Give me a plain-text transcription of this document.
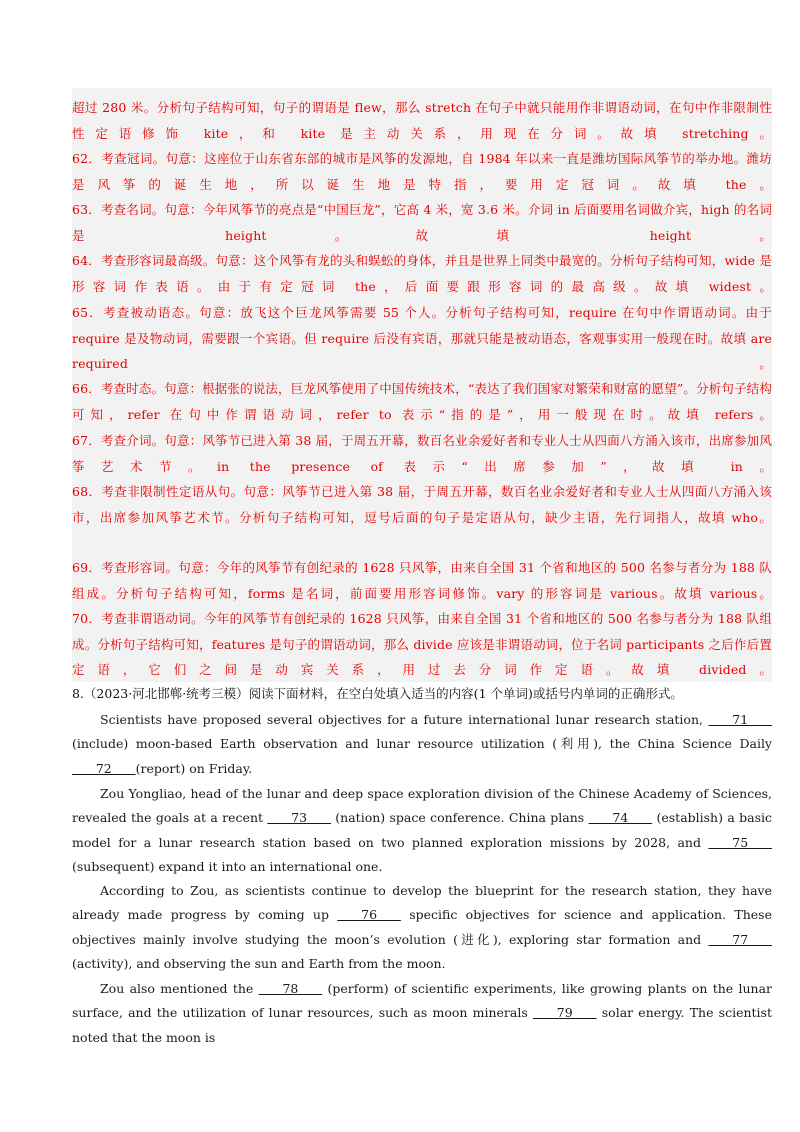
超过 280 米。分析句子结构可知，句子的谓语是 flew，那么 stretch 在句子中就只能用作非谓语动词，在句中作非限制性性定语修饰 kite，和 kite 是主动关系，用现在分词。故填 stretching。

62．考查冠词。句意：这座位于山东省东部的城市是风筝的发源地，自 1984 年以来一直是潍坊国际风筝节的举办地。潍坊是风筝的诞生地，所以诞生地是特指，要用定冠词。故填 the。

63．考查名词。句意：今年风筝节的亮点是“中国巨龙”，它高 4 米，宽 3.6 米。介词 in 后面要用名词做介宾，high 的名词是 height。故填 height。

64．考查形容词最高级。句意：这个风筝有龙的头和蜈蚣的身体，并且是世界上同类中最宽的。分析句子结构可知，wide 是形容词作表语。由于有定冠词 the，后面要跟形容词的最高级。故填 widest。

65．考查被动语态。句意：放飞这个巨龙风筝需要 55 个人。分析句子结构可知，require 在句中作谓语动词。由于 require 是及物动词，需要跟一个宾语。但 require 后没有宾语，那就只能是被动语态，客观事实用一般现在时。故填 are required。

66．考查时态。句意：根据张的说法，巨龙风筝使用了中国传统技术，“表达了我们国家对繁荣和财富的愿望”。分析句子结构可知，refer 在句中作谓语动词，refer to 表示“指的是”，用一般现在时。故填 refers。

67．考查介词。句意：风筝节已进入第 38 届，于周五开幕，数百名业余爱好者和专业人士从四面八方涌入该市，出席参加风筝艺术节。in the presence of 表示“出席参加”，故填 in。

68．考查非限制性定语从句。句意：风筝节已进入第 38 届，于周五开幕，数百名业余爱好者和专业人士从四面八方涌入该市，出席参加风筝艺术节。分析句子结构可知，逗号后面的句子是定语从句，缺少主语，先行词指人，故填 who。

69．考查形容词。句意：今年的风筝节有创纪录的 1628 只风筝，由来自全国 31 个省和地区的 500 名参与者分为 188 队组成。分析句子结构可知，forms 是名词，前面要用形容词修饰。vary 的形容词是 various。故填 various。

70．考查非谓语动词。今年的风筝节有创纪录的 1628 只风筝，由来自全国 31 个省和地区的 500 名参与者分为 188 队组成。分析句子结构可知，features 是句子的谓语动词，那么 divide 应该是非谓语动词，位于名词 participants 之后作后置定语，它们之间是动宾关系，用过去分词作定语。故填 divided。

8.（2023·河北邯郸·统考三模）阅读下面材料，在空白处填入适当的内容(1 个单词)或括号内单词的正确形式。

Scientists have proposed several objectives for a future international lunar research station,       71       (include) moon-based Earth observation and lunar resource utilization (利用), the China Science Daily       72      (report) on Friday.

Zou Yongliao, head of the lunar and deep space exploration division of the Chinese Academy of Sciences, revealed the goals at a recent       73       (nation) space conference. China plans       74       (establish) a basic model for a lunar research station based on two planned exploration missions by 2028, and       75      (subsequent) expand it into an international one.

According to Zou, as scientists continue to develop the blueprint for the research station, they have already made progress by coming up       76       specific objectives for science and application. These objectives mainly involve studying the moon’s evolution (进化), exploring star formation and       77       (activity), and observing the sun and Earth from the moon.

Zou also mentioned the       78       (perform) of scientific experiments, like growing plants on the lunar surface, and the utilization of lunar resources, such as moon minerals       79       solar energy. The scientist noted that the moon is
